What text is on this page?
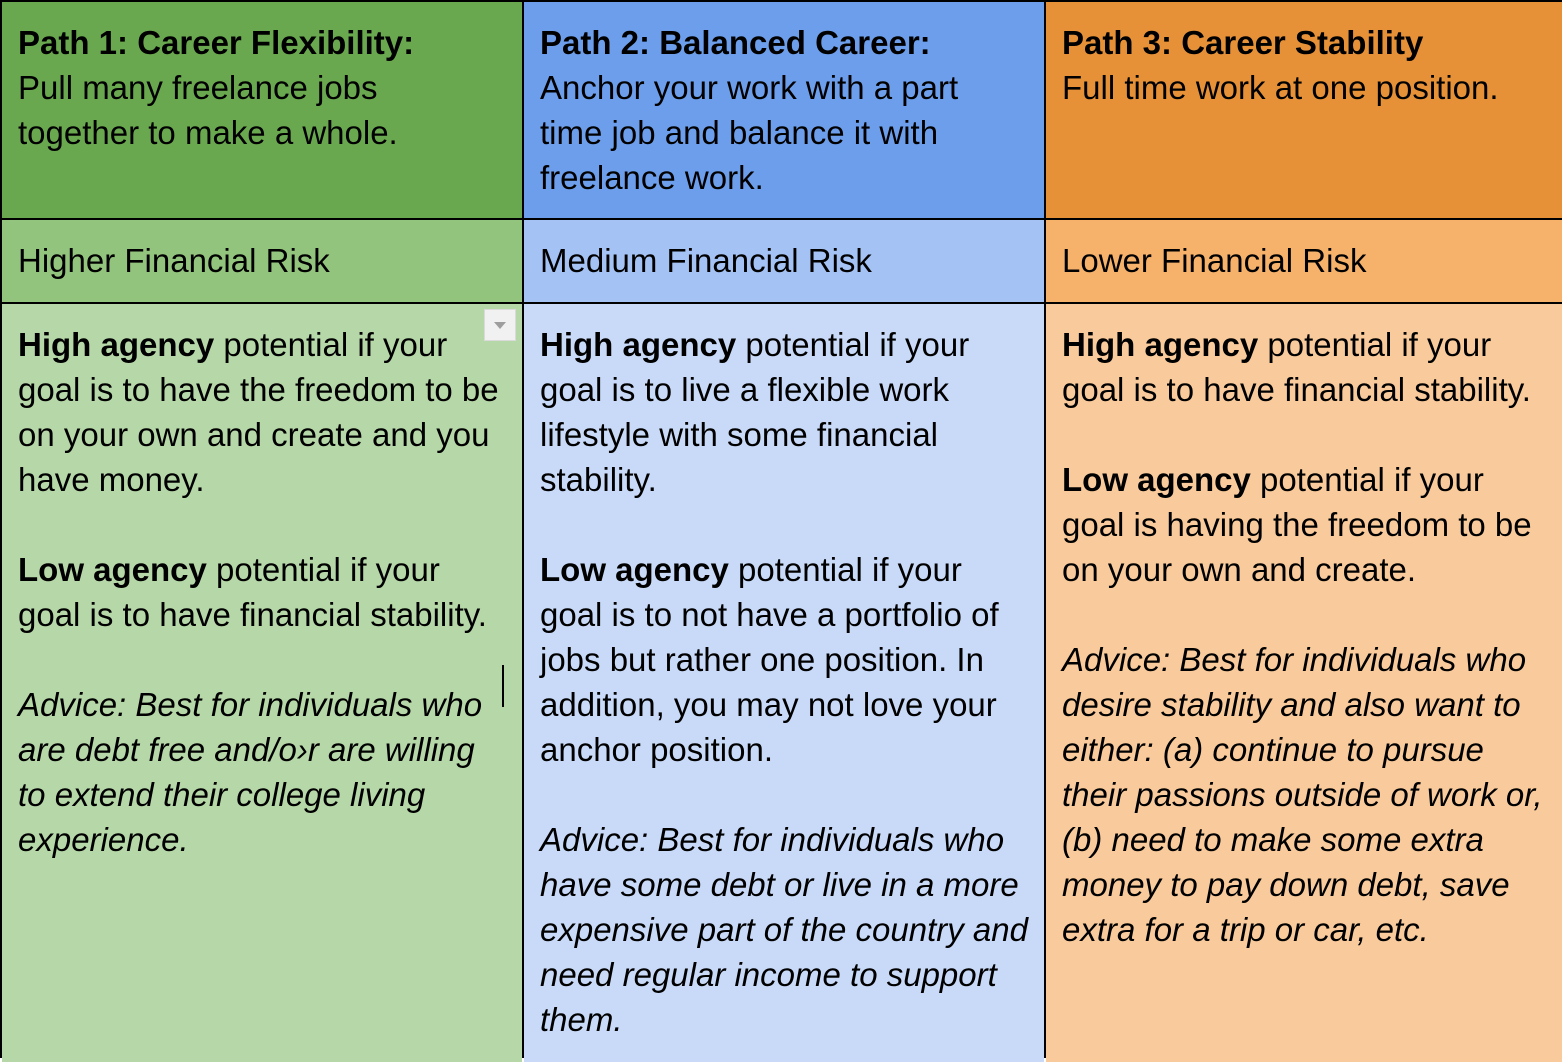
Path 1: Career Flexibility:
Pull many freelance jobs together to make a whole.
Path 2: Balanced Career:
Anchor your work with a part time job and balance it with freelance work.
Path 3: Career Stability
Full time work at one position.
Higher Financial Risk	Medium Financial Risk	Lower Financial Risk

High agency potential if your goal is to have the freedom to be on your own and create and you have money.

Low agency potential if your goal is to have financial stability.

Advice: Best for individuals who are debt free and/o›r are willing to extend their college living experience.

High agency potential if your goal is to live a flexible work lifestyle with some financial stability.

Low agency potential if your goal is to not have a portfolio of jobs but rather one position. In addition, you may not love your anchor position.

Advice: Best for individuals who have some debt or live in a more expensive part of the country and need regular income to support them.

High agency potential if your goal is to have financial stability.

Low agency potential if your goal is having the freedom to be on your own and create.

Advice: Best for individuals who desire stability and also want to either: (a) continue to pursue their passions outside of work or, (b) need to make some extra money to pay down debt, save extra for a trip or car, etc.
